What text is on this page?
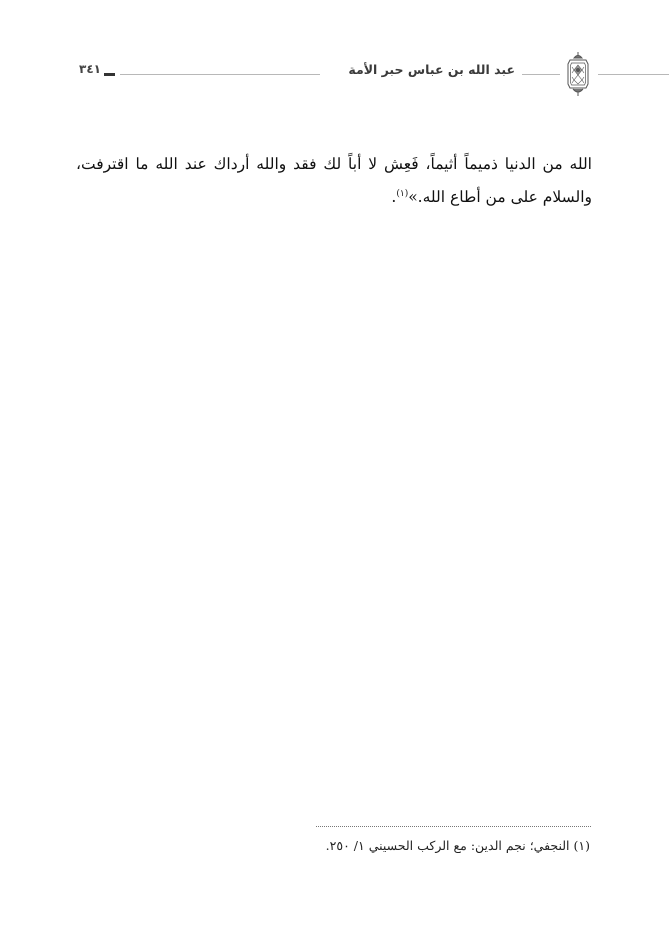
٣٤١	عبد الله بن عباس حبر الأمة

الله من الدنيا ذميماً أثيماً، فَعِش لا أباً لك فقد والله أرداك عند الله ما اقترفت، والسلام على من أطاع الله.»$^{(١)}$.

(١) النجفي؛ نجم الدين: مع الركب الحسيني ١/ ٢٥٠.
